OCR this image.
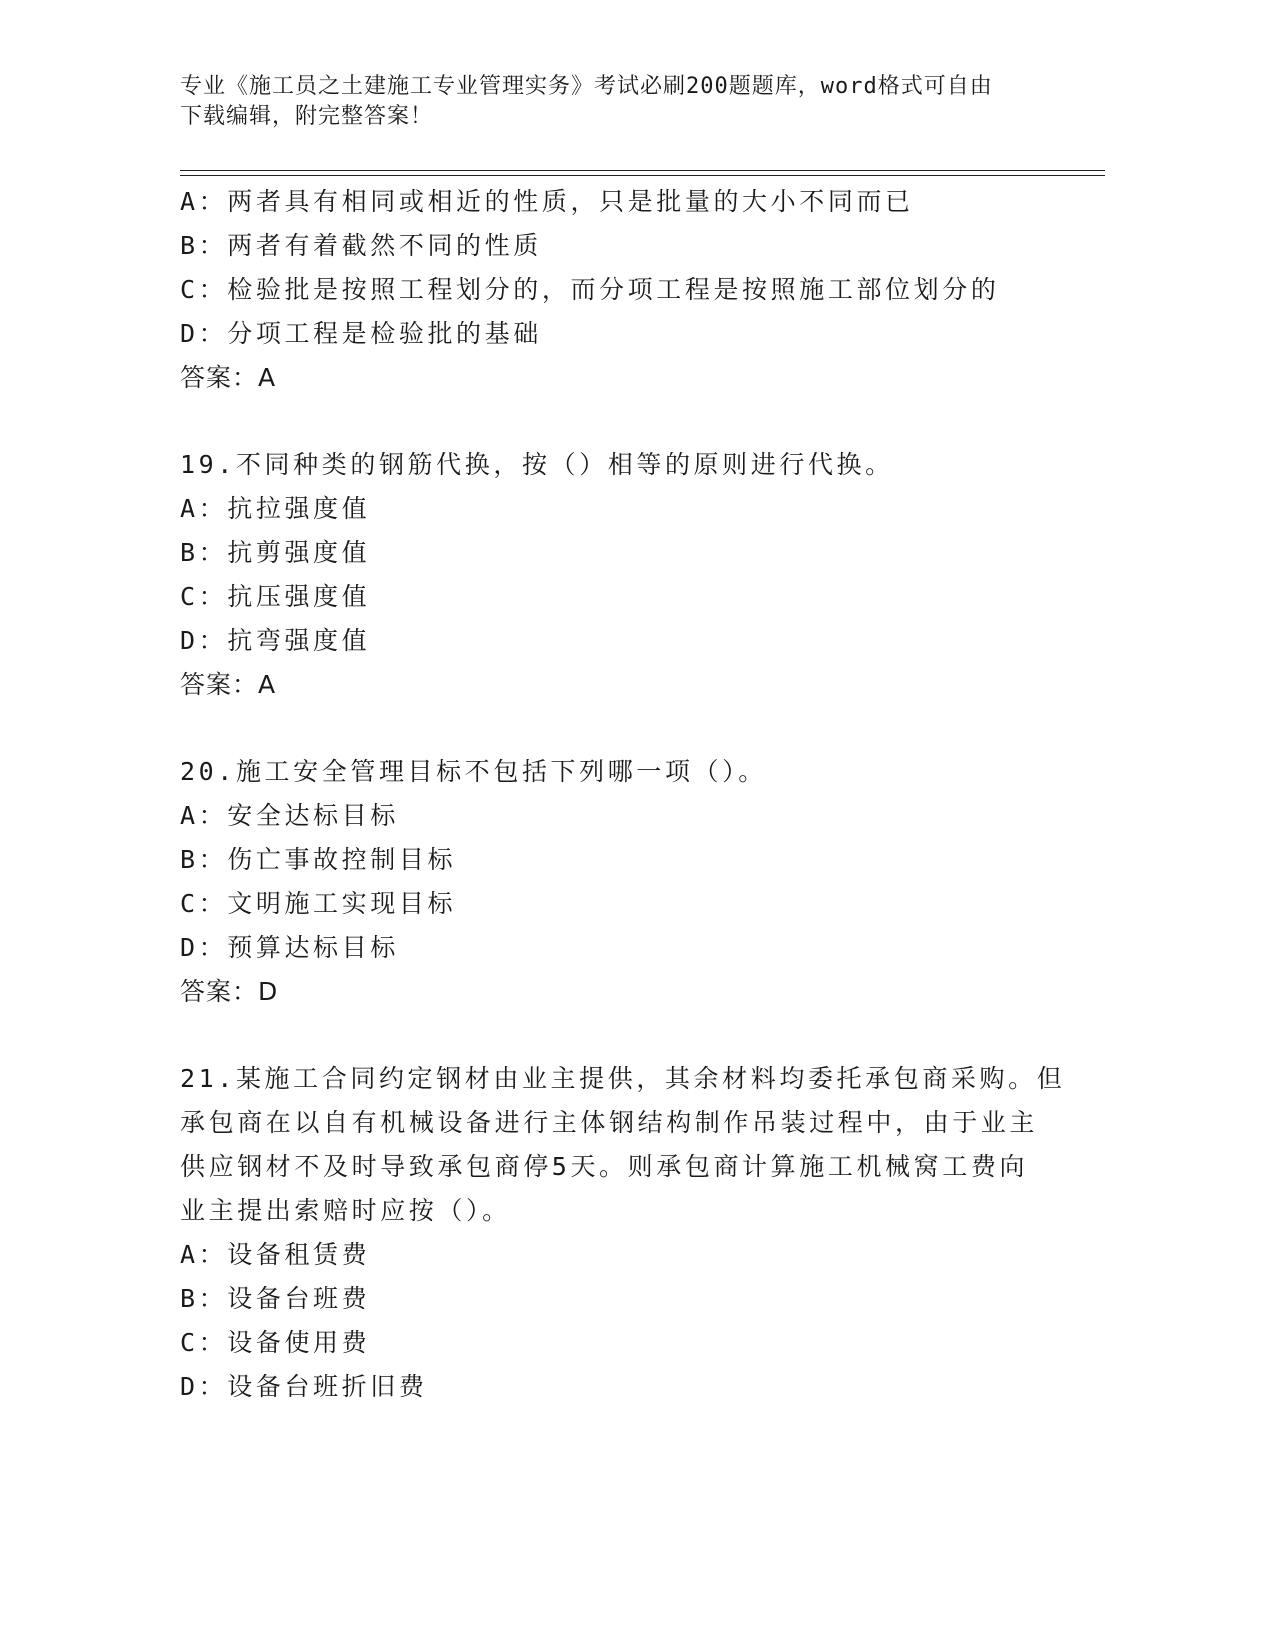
专业《施工员之土建施工专业管理实务》考试必刷200题题库，word格式可自由
下载编辑，附完整答案！
A：两者具有相同或相近的性质，只是批量的大小不同而已
B：两者有着截然不同的性质
C：检验批是按照工程划分的，而分项工程是按照施工部位划分的
D：分项工程是检验批的基础
答案：A
19.不同种类的钢筋代换，按（）相等的原则进行代换。
A：抗拉强度值
B：抗剪强度值
C：抗压强度值
D：抗弯强度值
答案：A
20.施工安全管理目标不包括下列哪一项（）。
A：安全达标目标
B：伤亡事故控制目标
C：文明施工实现目标
D：预算达标目标
答案：D
21.某施工合同约定钢材由业主提供，其余材料均委托承包商采购。但
承包商在以自有机械设备进行主体钢结构制作吊装过程中，由于业主
供应钢材不及时导致承包商停5天。则承包商计算施工机械窝工费向
业主提出索赔时应按（）。
A：设备租赁费
B：设备台班费
C：设备使用费
D：设备台班折旧费
